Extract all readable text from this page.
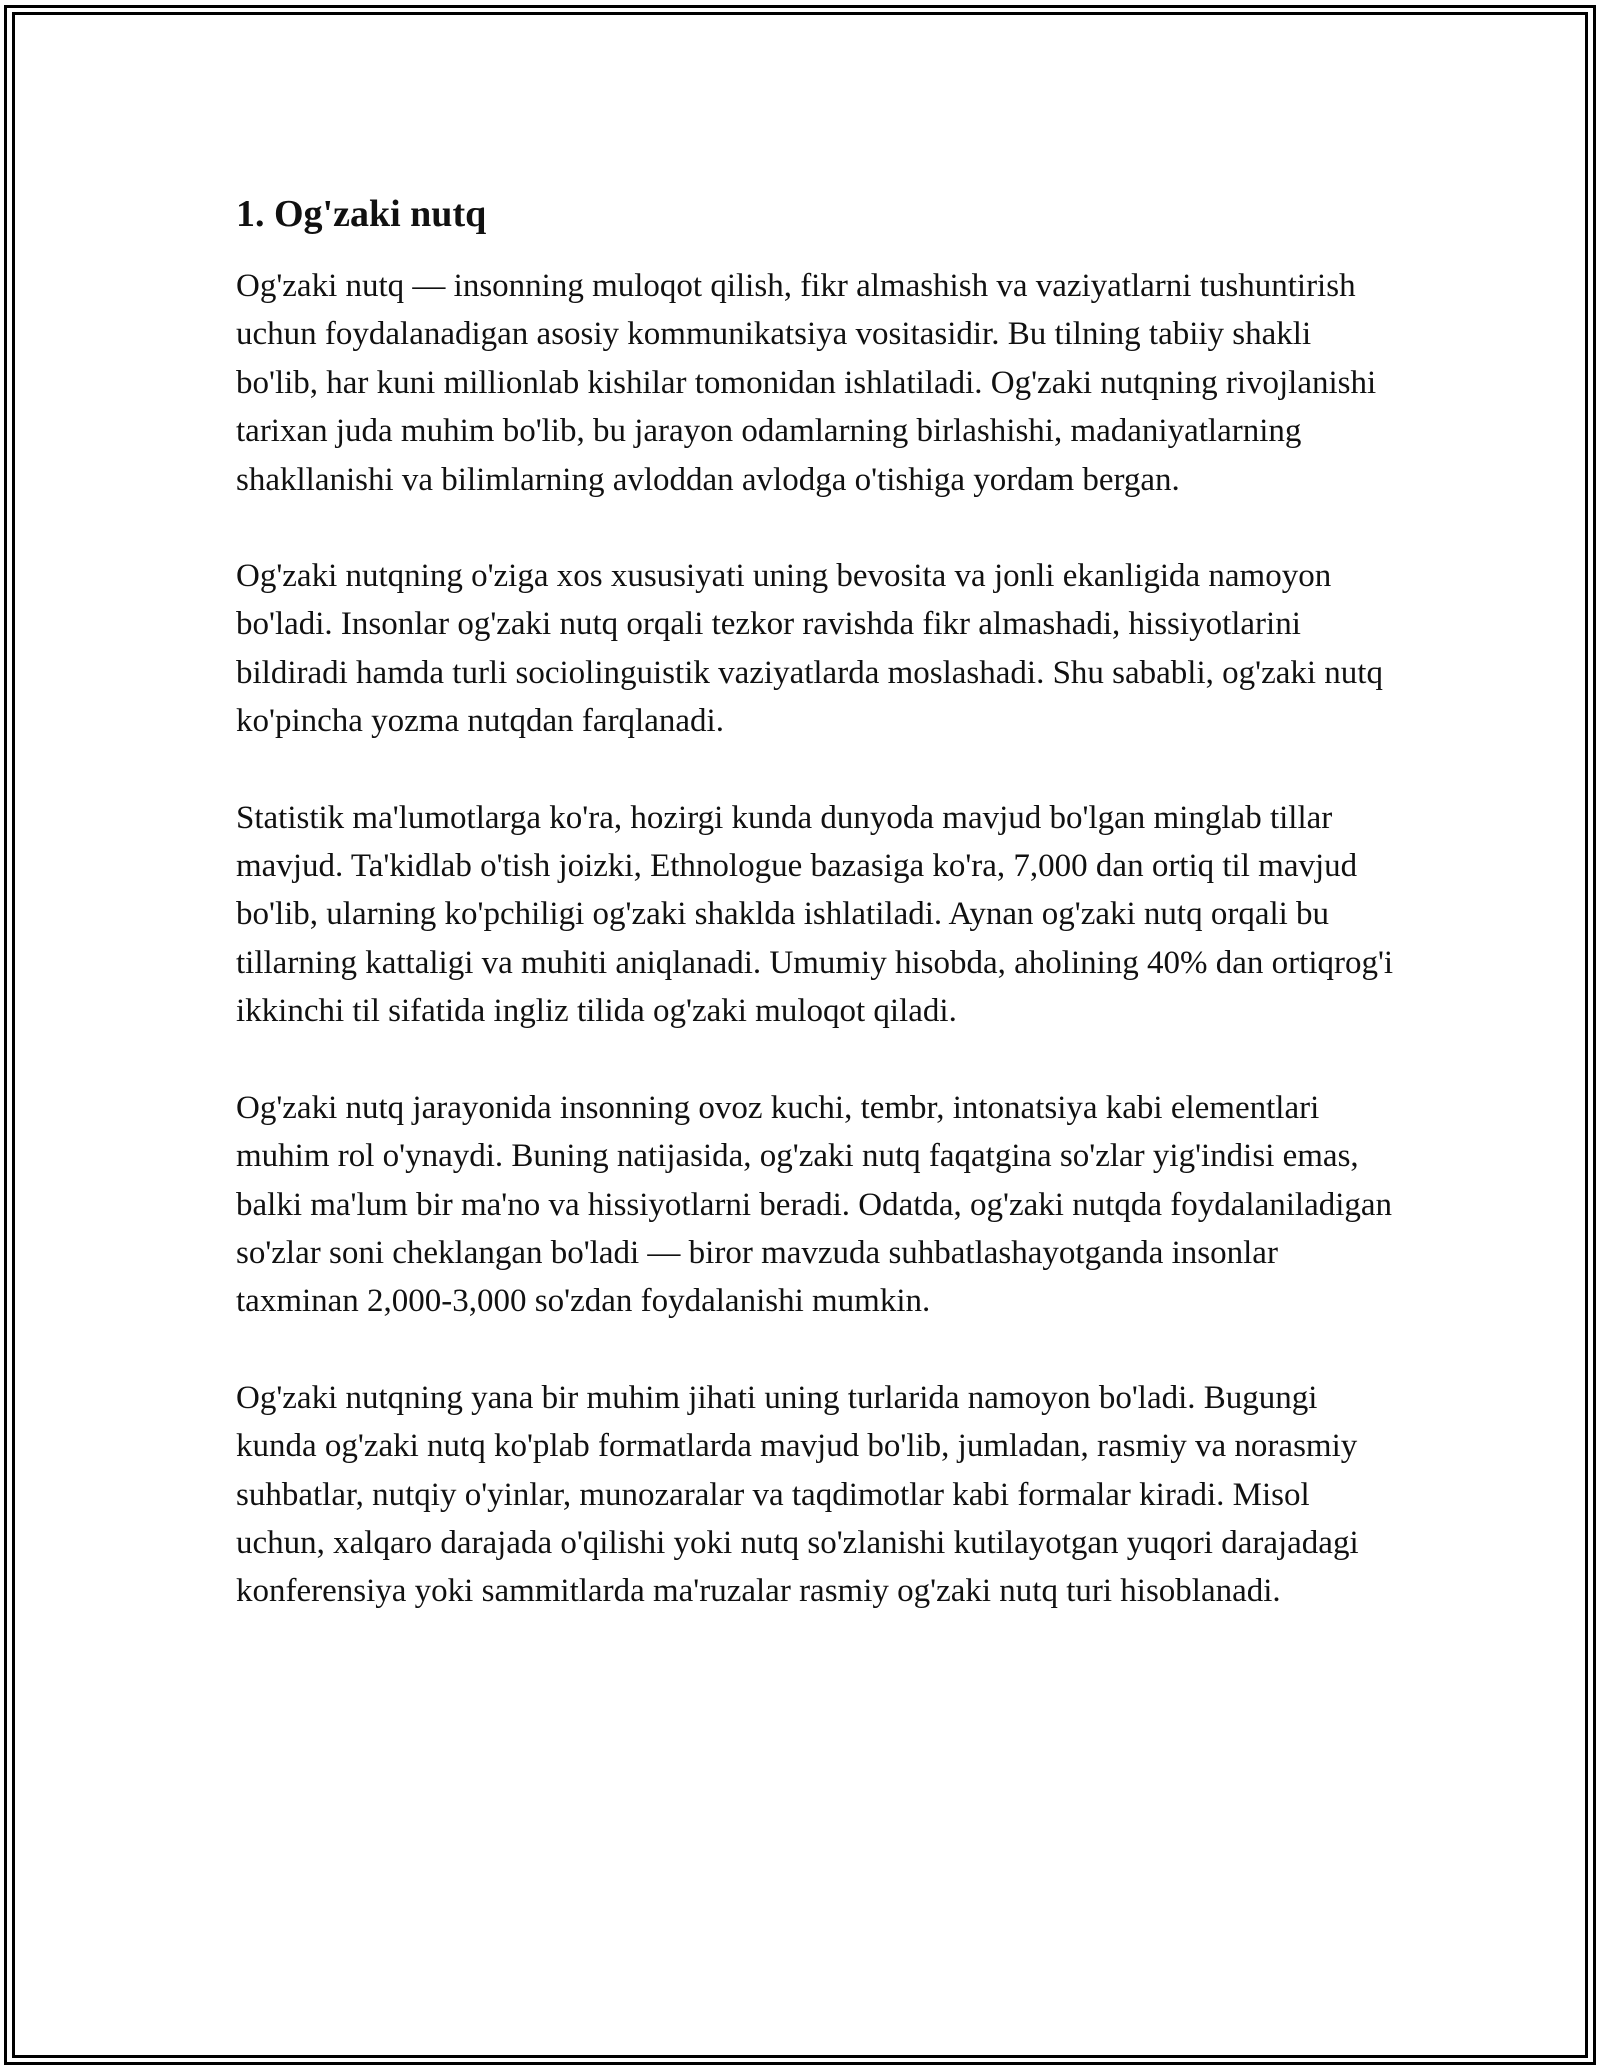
1. Og'zaki nutq

Og'zaki nutq — insonning muloqot qilish, fikr almashish va vaziyatlarni tushuntirish uchun foydalanadigan asosiy kommunikatsiya vositasidir. Bu tilning tabiiy shakli bo'lib, har kuni millionlab kishilar tomonidan ishlatiladi. Og'zaki nutqning rivojlanishi tarixan juda muhim bo'lib, bu jarayon odamlarning birlashishi, madaniyatlarning shakllanishi va bilimlarning avloddan avlodga o'tishiga yordam bergan.

Og'zaki nutqning o'ziga xos xususiyati uning bevosita va jonli ekanligida namoyon bo'ladi. Insonlar og'zaki nutq orqali tezkor ravishda fikr almashadi, hissiyotlarini bildiradi hamda turli sociolinguistik vaziyatlarda moslashadi. Shu sababli, og'zaki nutq ko'pincha yozma nutqdan farqlanadi.

Statistik ma'lumotlarga ko'ra, hozirgi kunda dunyoda mavjud bo'lgan minglab tillar mavjud. Ta'kidlab o'tish joizki, Ethnologue bazasiga ko'ra, 7,000 dan ortiq til mavjud bo'lib, ularning ko'pchiligi og'zaki shaklda ishlatiladi. Aynan og'zaki nutq orqali bu tillarning kattaligi va muhiti aniqlanadi. Umumiy hisobda, aholining 40% dan ortiqrog'i ikkinchi til sifatida ingliz tilida og'zaki muloqot qiladi.

Og'zaki nutq jarayonida insonning ovoz kuchi, tembr, intonatsiya kabi elementlari muhim rol o'ynaydi. Buning natijasida, og'zaki nutq faqatgina so'zlar yig'indisi emas, balki ma'lum bir ma'no va hissiyotlarni beradi. Odatda, og'zaki nutqda foydalaniladigan so'zlar soni cheklangan bo'ladi — biror mavzuda suhbatlashayotganda insonlar taxminan 2,000-3,000 so'zdan foydalanishi mumkin.

Og'zaki nutqning yana bir muhim jihati uning turlarida namoyon bo'ladi. Bugungi kunda og'zaki nutq ko'plab formatlarda mavjud bo'lib, jumladan, rasmiy va norasmiy suhbatlar, nutqiy o'yinlar, munozaralar va taqdimotlar kabi formalar kiradi. Misol uchun, xalqaro darajada o'qilishi yoki nutq so'zlanishi kutilayotgan yuqori darajadagi konferensiya yoki sammitlarda ma'ruzalar rasmiy og'zaki nutq turi hisoblanadi.
